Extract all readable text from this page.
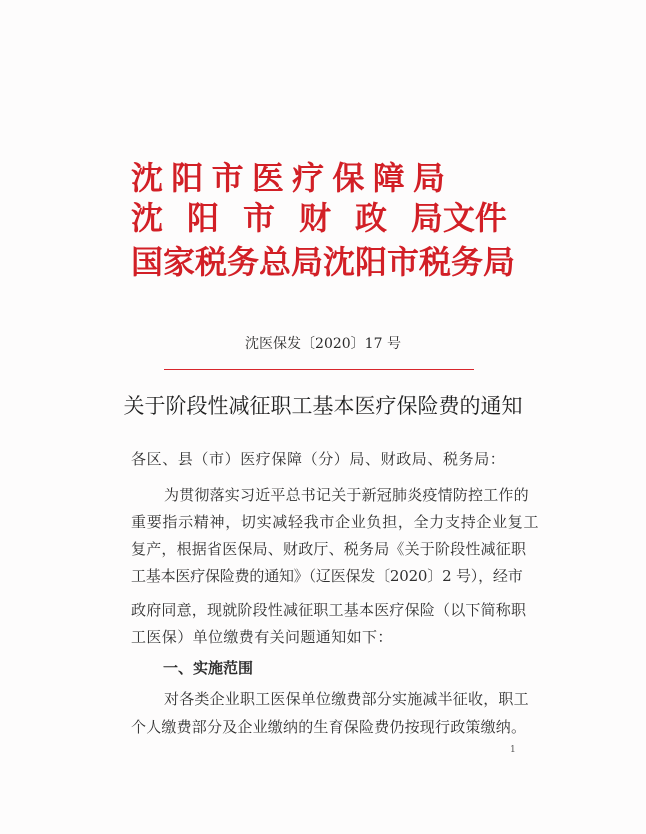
沈 阳 市 医 疗 保 障 局
沈 阳 市 财 政 局文件
国家税务总局沈阳市税务局
沈医保发〔2020〕17 号
关于阶段性减征职工基本医疗保险费的通知
各区、县（市）医疗保障（分）局、财政局、税务局：
为贯彻落实习近平总书记关于新冠肺炎疫情防控工作的
重要指示精神，切实减轻我市企业负担，全力支持企业复工
复产，根据省医保局、财政厅、税务局《关于阶段性减征职
工基本医疗保险费的通知》（辽医保发〔2020〕2 号），经市
政府同意，现就阶段性减征职工基本医疗保险（以下简称职
工医保）单位缴费有关问题通知如下：
对各类企业职工医保单位缴费部分实施减半征收，职工
个人缴费部分及企业缴纳的生育保险费仍按现行政策缴纳。
一、实施范围
1
